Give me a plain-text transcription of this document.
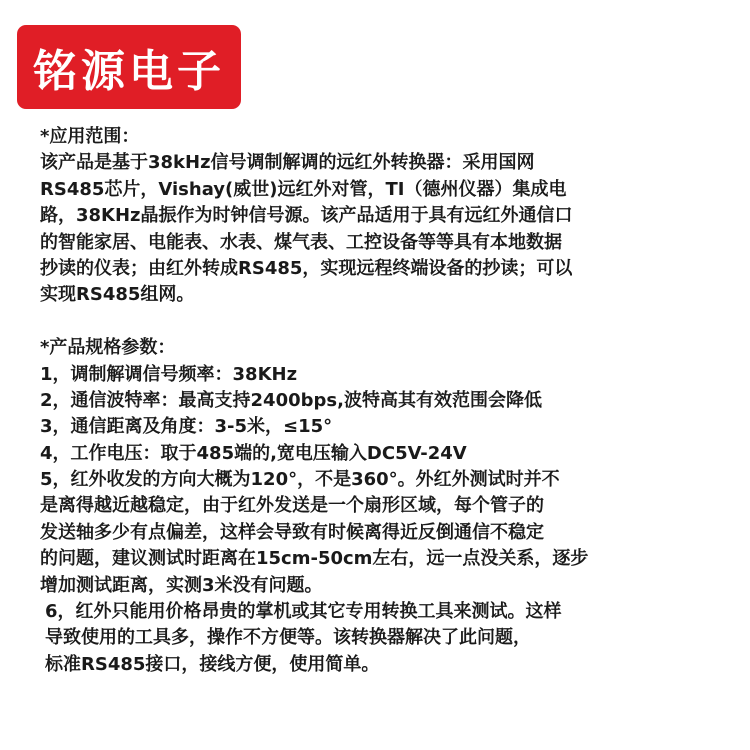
铭源电子
*应用范围：
该产品是基于38kHz信号调制解调的远红外转换器：采用国网
RS485芯片，Vishay(威世)远红外对管，TI（德州仪器）集成电
路，38KHz晶振作为时钟信号源。该产品适用于具有远红外通信口
的智能家居、电能表、水表、煤气表、工控设备等等具有本地数据
抄读的仪表；由红外转成RS485，实现远程终端设备的抄读；可以
实现RS485组网。
*产品规格参数：
1，调制解调信号频率：38KHz
2，通信波特率：最高支持2400bps,波特高其有效范围会降低
3，通信距离及角度：3-5米，≤15°
4，工作电压：取于485端的,宽电压输入DC5V-24V
5，红外收发的方向大概为120°，不是360°。外红外测试时并不
是离得越近越稳定，由于红外发送是一个扇形区域，每个管子的
发送轴多少有点偏差，这样会导致有时候离得近反倒通信不稳定
的问题，建议测试时距离在15cm-50cm左右，远一点没关系，逐步
增加测试距离，实测3米没有问题。
6，红外只能用价格昂贵的掌机或其它专用转换工具来测试。这样
导致使用的工具多，操作不方便等。该转换器解决了此问题，
标准RS485接口，接线方便，使用简单。
